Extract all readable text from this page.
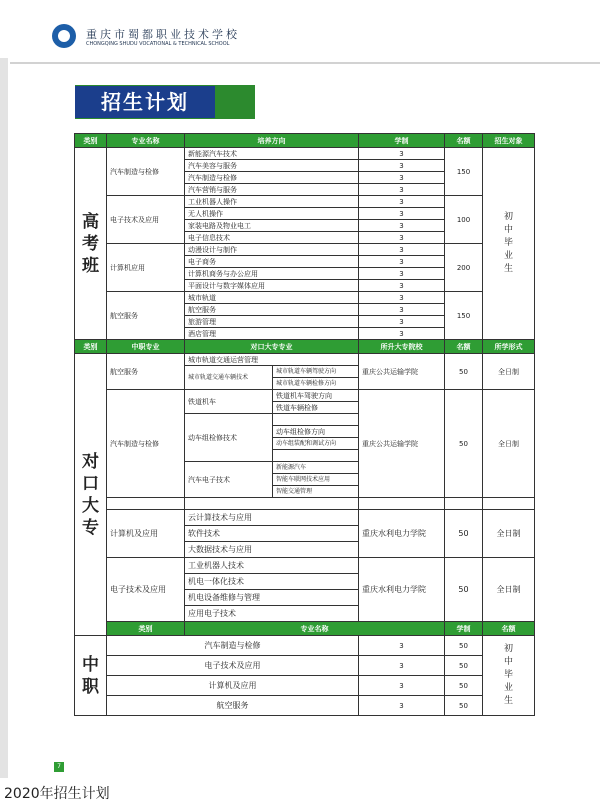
重庆市蜀都职业技术学校
CHONGQING SHUDU VOCATIONAL & TECHNICAL SCHOOL
招生计划
类别	专业名称	培养方向		学制	名额	招生对象	
高考班	汽车制造与检修	新能源汽车技术		3	150	初中毕业生	
		汽车美容与服务		3			
		汽车制造与检修		3			
		汽车营销与服务		3			
	电子技术及应用	工业机器人操作		3	100		
		无人机操作		3			
		家装电路及物业电工		3			
		电子信息技术		3			
	计算机应用	动漫设计与制作		3	200		
		电子商务		3			
		计算机商务与办公应用		3			
		平面设计与数字媒体应用		3			
	航空服务	城市轨道		3	150		
		航空服务		3			
		旅游管理		3			
		酒店管理		3			
类别	中职专业	对口大专专业		所升大专院校	名额	所学形式	
对口大专	航空服务	城市轨道交通运营管理		重庆公共运输学院	50	全日制	
		城市轨道交通车辆技术	城市轨道车辆驾驶方向				
			城市轨道车辆检修方向				
	汽车制造与检修	铁道机车	铁道机车驾驶方向	重庆公共运输学院	50	全日制	
			铁道车辆检修				
		动车组检修技术					
			动车组检修方向				
			动车组装配和调试方向				

		汽车电子技术	新能源汽车				
			智能车联网技术应用				
			智能交通管理				

	计算机及应用	云计算技术与应用		重庆水利电力学院	50	全日制	
		软件技术					
		大数据技术与应用					
	电子技术及应用	工业机器人技术		重庆水利电力学院	50	全日制	
		机电一体化技术					
		机电设备维修与管理					
		应用电子技术					
	类别	专业名称			学制	名额	
中职	汽车制造与检修			3	50	初中毕业生	
	电子技术及应用			3	50		
	计算机及应用			3	50		
	航空服务			3	50		
7
2020年招生计划
